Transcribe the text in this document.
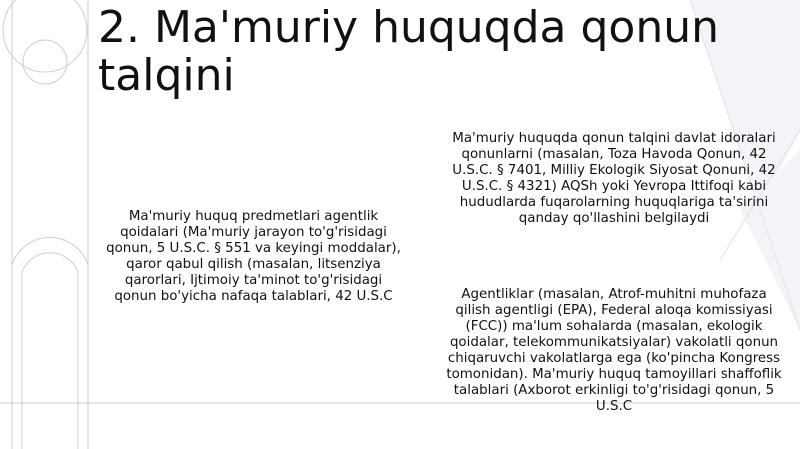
2. Ma'muriy huquqda qonun talqini

Ma'muriy huquq predmetlari agentlik qoidalari (Ma'muriy jarayon to'g'risidagi qonun, 5 U.S.C. § 551 va keyingi moddalar), qaror qabul qilish (masalan, litsenziya qarorlari, Ijtimoiy ta'minot to'g'risidagi qonun bo'yicha nafaqa talablari, 42 U.S.C

Ma'muriy huquqda qonun talqini davlat idoralari qonunlarni (masalan, Toza Havoda Qonun, 42 U.S.C. § 7401, Milliy Ekologik Siyosat Qonuni, 42 U.S.C. § 4321) AQSh yoki Yevropa Ittifoqi kabi hududlarda fuqarolarning huquqlariga ta'sirini qanday qo'llashini belgilaydi

Agentliklar (masalan, Atrof-muhitni muhofaza qilish agentligi (EPA), Federal aloqa komissiyasi (FCC)) ma'lum sohalarda (masalan, ekologik qoidalar, telekommunikatsiyalar) vakolatli qonun chiqaruvchi vakolatlarga ega (ko'pincha Kongress tomonidan). Ma'muriy huquq tamoyillari shaffoflik talablari (Axborot erkinligi to'g'risidagi qonun, 5 U.S.C
